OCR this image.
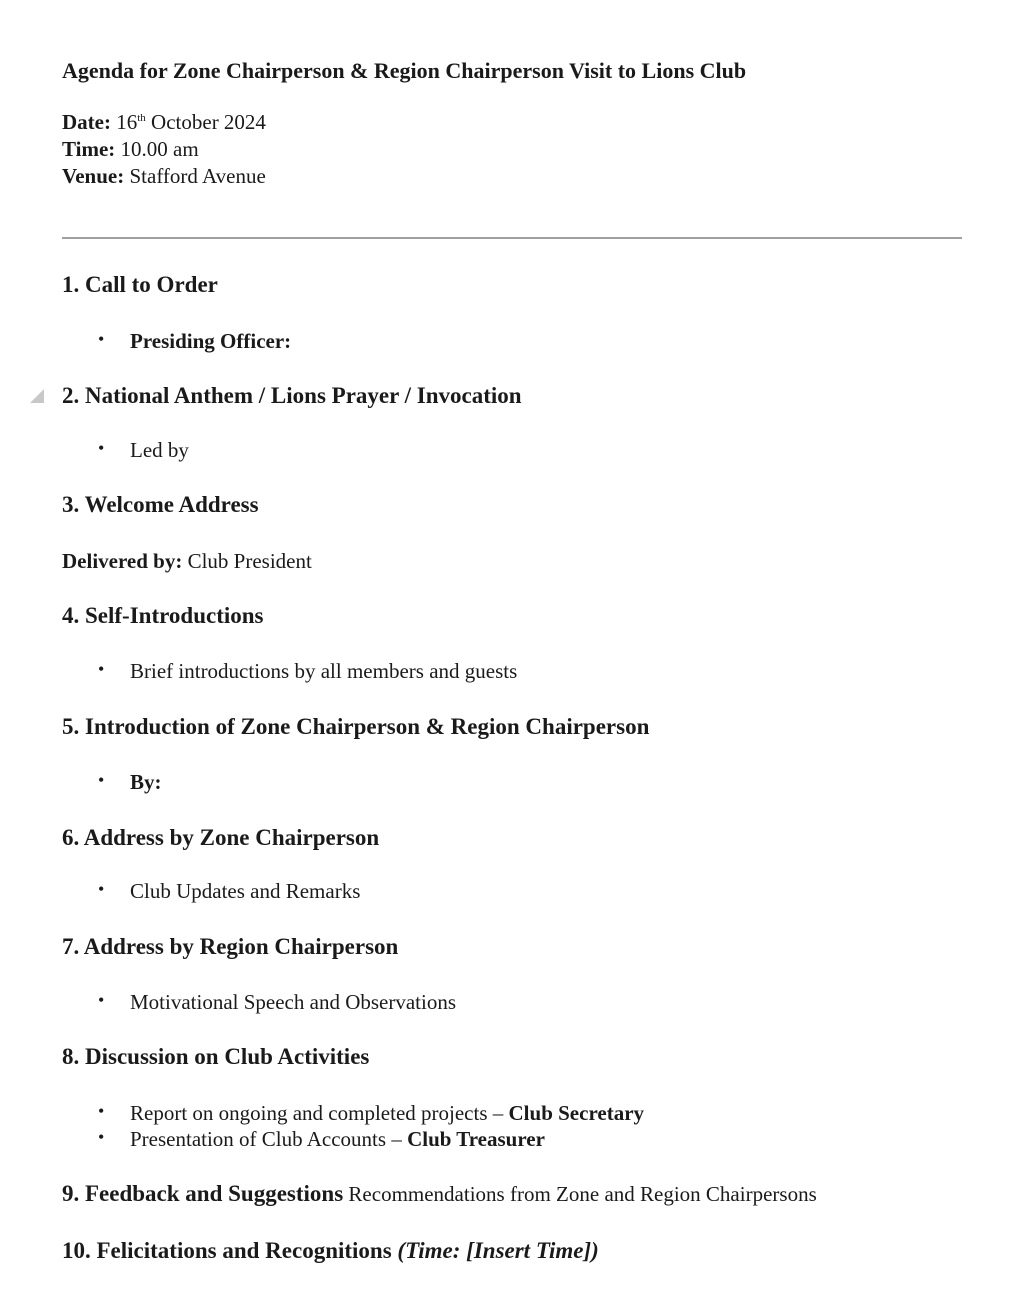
Agenda for Zone Chairperson & Region Chairperson Visit to Lions Club
Date: 16th October 2024
Time: 10.00 am
Venue: Stafford Avenue
1. Call to Order
• Presiding Officer:
2. National Anthem / Lions Prayer / Invocation
• Led by
3. Welcome Address
Delivered by: Club President
4. Self-Introductions
• Brief introductions by all members and guests
5. Introduction of Zone Chairperson & Region Chairperson
• By:
6. Address by Zone Chairperson
• Club Updates and Remarks
7. Address by Region Chairperson
• Motivational Speech and Observations
8. Discussion on Club Activities
• Report on ongoing and completed projects – Club Secretary
• Presentation of Club Accounts – Club Treasurer
9. Feedback and Suggestions Recommendations from Zone and Region Chairpersons
10. Felicitations and Recognitions (Time: [Insert Time])
